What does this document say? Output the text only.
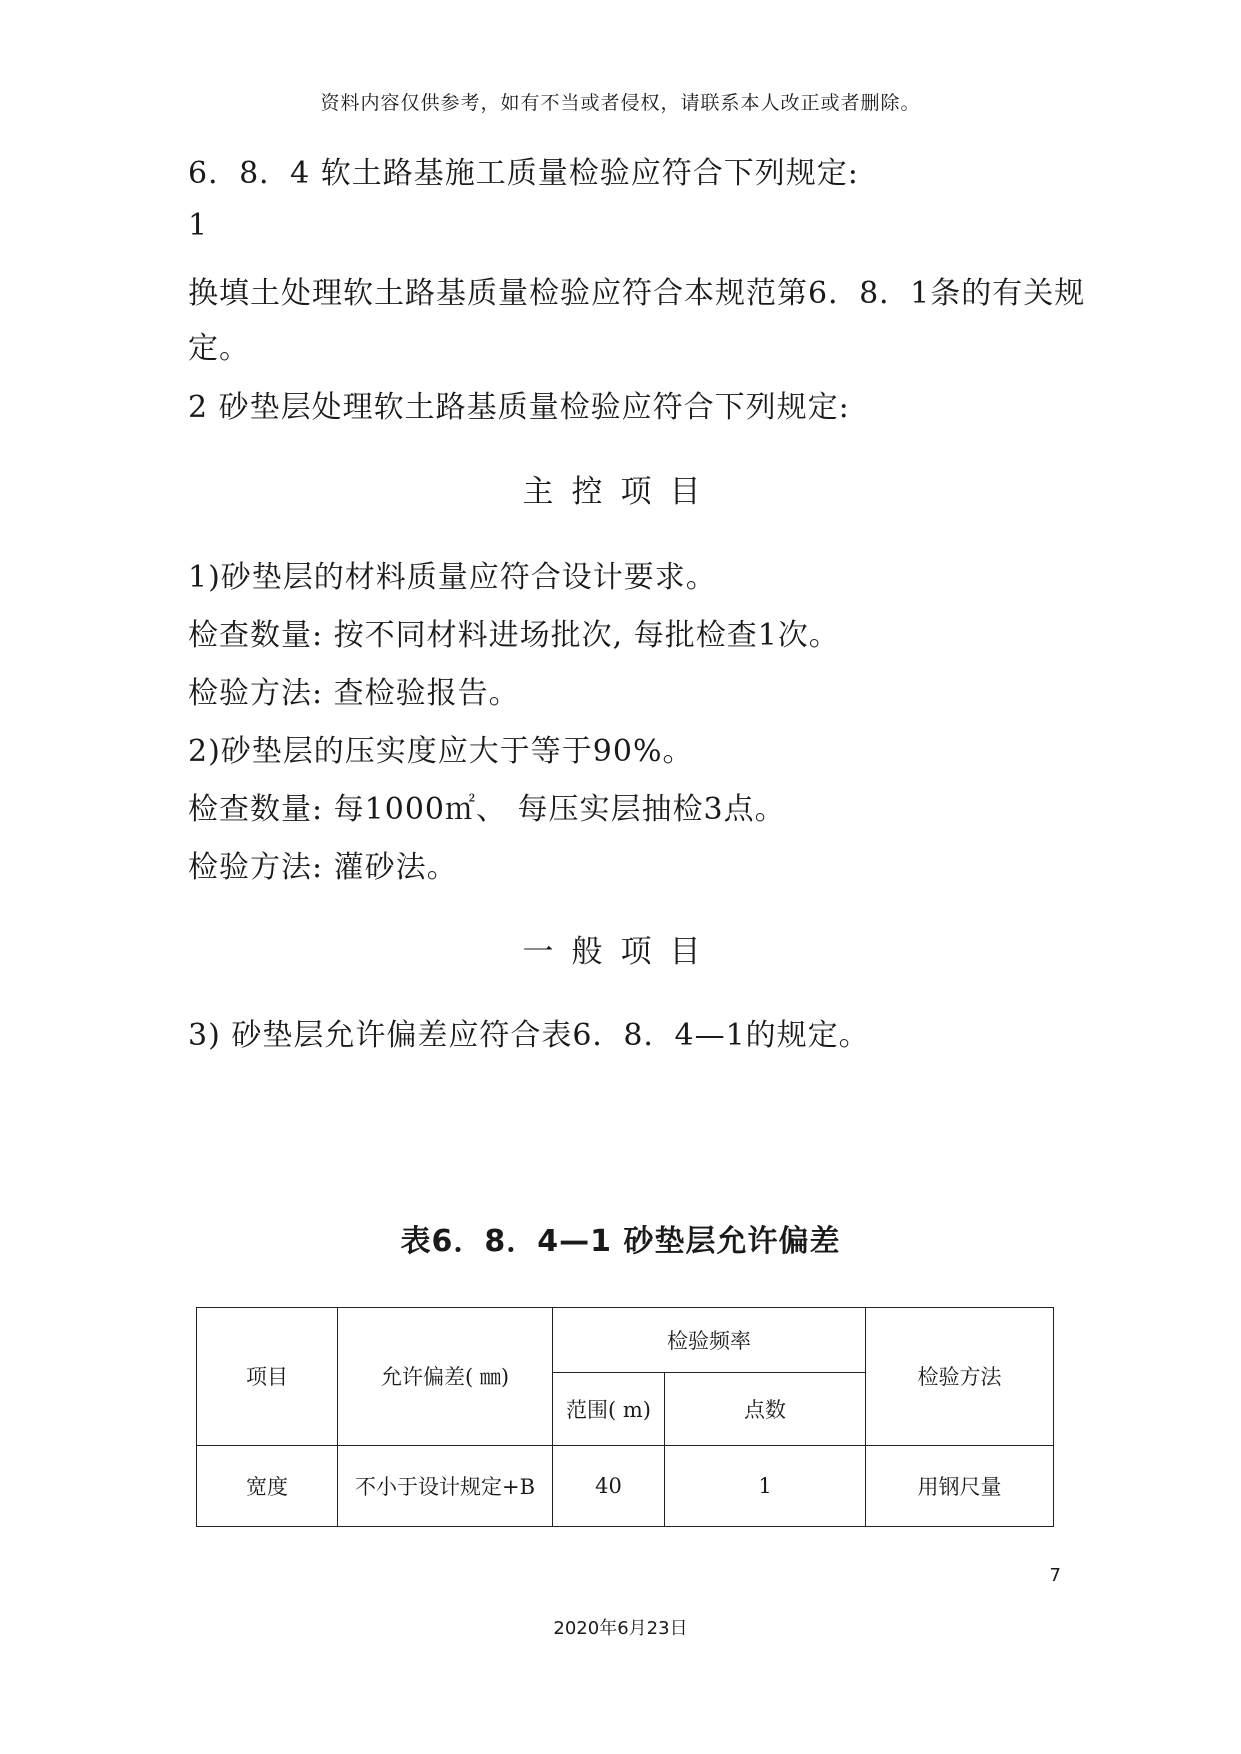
资料内容仅供参考，如有不当或者侵权，请联系本人改正或者删除。
6．8．4 软土路基施工质量检验应符合下列规定:
1
换填土处理软土路基质量检验应符合本规范第6．8．1条的有关规
定。
2 砂垫层处理软土路基质量检验应符合下列规定:
主控项目
1)砂垫层的材料质量应符合设计要求。
检查数量: 按不同材料进场批次, 每批检查1次。
检验方法: 查检验报告。
2)砂垫层的压实度应大于等于90%。
检查数量: 每1000㎡、 每压实层抽检3点。
检验方法: 灌砂法。
一般项目
3) 砂垫层允许偏差应符合表6．8．4—1的规定。
表6．8．4—1 砂垫层允许偏差
项目	允许偏差( ㎜)	检验频率		检验方法
		范围( m)	点数	
宽度	不小于设计规定+B	40	1	用钢尺量
7
2020年6月23日
